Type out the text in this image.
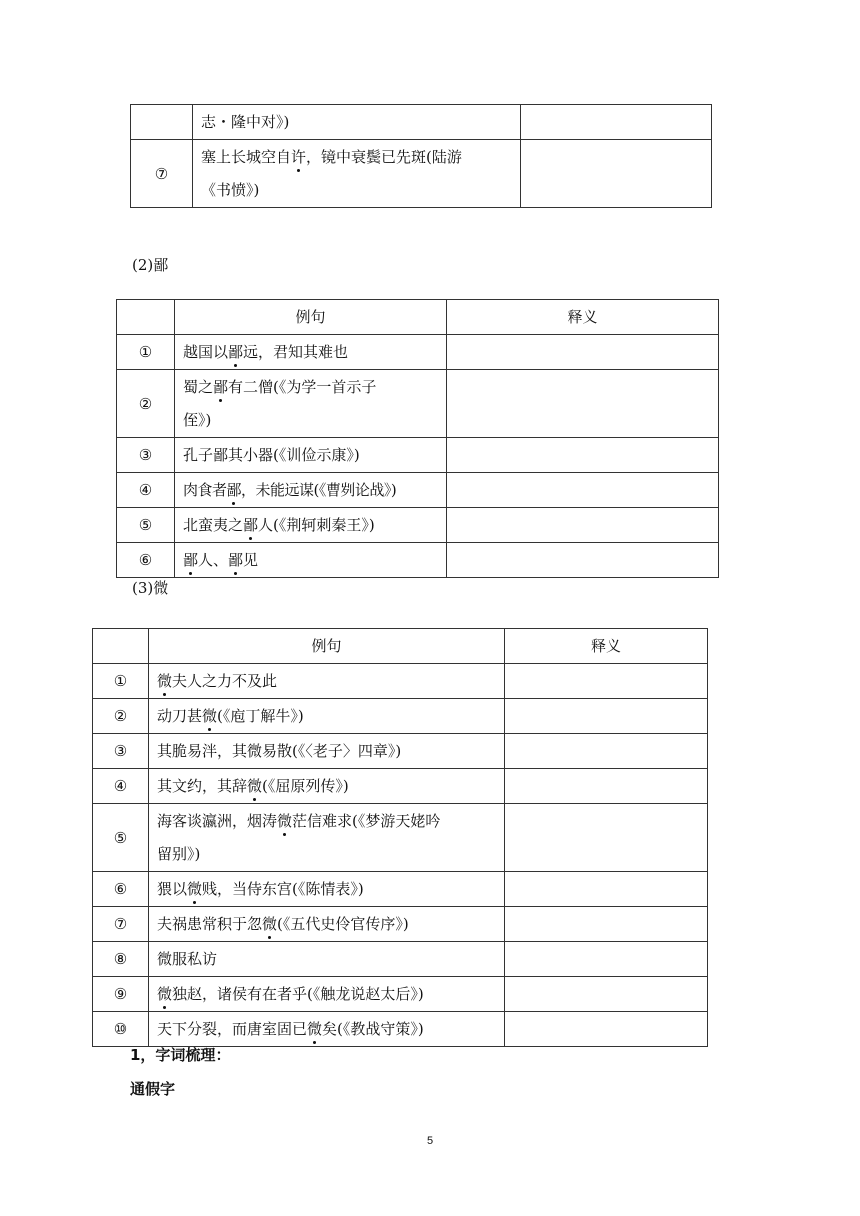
	志・隆中对》)	
⑦	塞上长城空自许，镜中衰鬓已先斑(陆游
《书愤》)	
(2)鄙
	例句	释义
①	越国以鄙远，君知其难也	
②	蜀之鄙有二僧(《为学一首示子
侄》)	
③	孔子鄙其小器(《训俭示康》)	
④	肉食者鄙，未能远谋(《曹刿论战》)	
⑤	北蛮夷之鄙人(《荆轲刺秦王》)	
⑥	鄙人、鄙见	
(3)微
	例句	释义
①	微夫人之力不及此	
②	动刀甚微(《庖丁解牛》)	
③	其脆易泮，其微易散(《〈老子〉四章》)	
④	其文约，其辞微(《屈原列传》)	
⑤	海客谈瀛洲，烟涛微茫信难求(《梦游天姥吟
留别》)	
⑥	猥以微贱，当侍东宫(《陈情表》)	
⑦	夫祸患常积于忽微(《五代史伶官传序》)	
⑧	微服私访	
⑨	微独赵，诸侯有在者乎(《触龙说赵太后》)	
⑩	天下分裂，而唐室固已微矣(《教战守策》)	
1，字词梳理：
通假字
5
